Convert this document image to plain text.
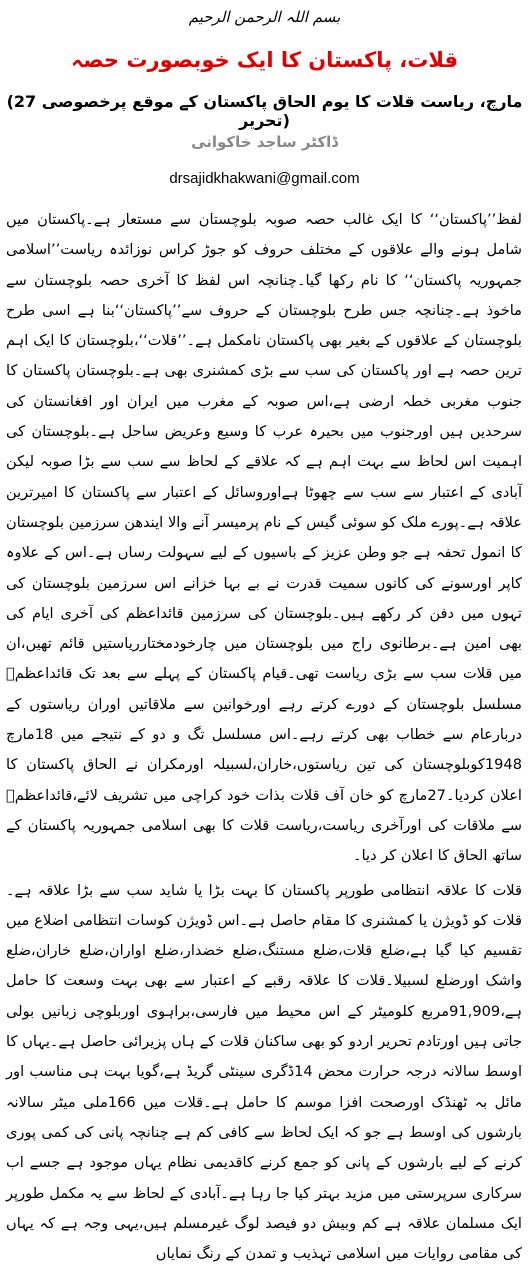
بسم اللہ الرحمن الرحیم
قلات، پاکستان کا ایک خوبصورت حصہ
(27 مارچ، ریاست قلات کا یوم الحاق پاکستان کے موقع پرخصوصی تحریر)
ڈاکٹر ساجد خاکوانی
drsajidkhakwani@gmail.com

لفظ’’پاکستان‘‘ کا ایک غالب حصہ صوبہ بلوچستان سے مستعار ہے۔پاکستان میں شامل ہونے والے علاقوں کے مختلف حروف کو جوڑ کراس نوزائدہ ریاست’’اسلامی جمہوریہ پاکستان‘‘ کا نام رکھا گیا۔چنانچہ اس لفظ کا آخری حصہ بلوچستان سے ماخوذ ہے۔چنانچہ جس طرح بلوچستان کے حروف سے’’پاکستان‘‘بنا ہے اسی طرح بلوچستان کے علاقوں کے بغیر بھی پاکستان نامکمل ہے۔’’قلات‘‘،بلوچستان کا ایک اہم ترین حصہ ہے اور پاکستان کی سب سے بڑی کمشنری بھی ہے۔بلوچستان پاکستان کا جنوب مغربی خطہ ارضی ہے،اس صوبہ کے مغرب میں ایران اور افغانستان کی سرحدیں ہیں اورجنوب میں بحیرہ عرب کا وسیع وعریض ساحل ہے۔بلوچستان کی اہمیت اس لحاظ سے بہت اہم ہے کہ علاقے کے لحاظ سے سب سے بڑا صوبہ لیکن آبادی کے اعتبار سے سب سے چھوٹا ہےاوروسائل کے اعتبار سے پاکستان کا امیرترین علاقہ ہے۔پورے ملک کو سوئی گیس کے نام پرمیسر آنے والا ایندھن سرزمین بلوچستان کا انمول تحفہ ہے جو وطن عزیز کے باسیوں کے لیے سہولت رساں ہے۔اس کے علاوہ کاپر اورسونے کی کانوں سمیت قدرت نے بے بہا خزانے اس سرزمین بلوچستان کی تہوں میں دفن کر رکھے ہیں۔بلوچستان کی سرزمین قائداعظم کی آخری ایام کی بھی امین ہے۔برطانوی راج میں بلوچستان میں چارخودمختارریاستیں قائم تھیں،ان میں قلات سب سے بڑی ریاست تھی۔قیام پاکستان کے پہلے سے بعد تک قائداعظمؒ مسلسل بلوچستان کے دورے کرتے رہے اورخوانین سے ملاقاتیں اوران ریاستوں کے دربارعام سے خطاب بھی کرتے رہے۔اس مسلسل تگ و دو کے نتیجے میں 18مارچ 1948کوبلوچستان کی تین ریاستوں،خاران،لسبیلہ اورمکران نے الحاق پاکستان کا اعلان کردیا۔27مارچ کو خان آف قلات بذات خود کراچی میں تشریف لائے،قائداعظمؒ سے ملاقات کی اورآخری ریاست،ریاست قلات کا بھی اسلامی جمہوریہ پاکستان کے ساتھ الحاق کا اعلان کر دیا۔

قلات کا علاقہ انتظامی طورپر پاکستان کا بہت بڑا یا شاید سب سے بڑا علاقہ ہے۔قلات کو ڈویژن یا کمشنری کا مقام حاصل ہے۔اس ڈویژن کوسات انتظامی اضلاع میں تقسیم کیا گیا ہے،ضلع قلات،ضلع مستنگ،ضلع خضدار،ضلع اواران،ضلع خاران،ضلع واشک اورضلع لسبیلا۔قلات کا علاقہ رقبے کے اعتبار سے بھی بہت وسعت کا حامل ہے،91,909مربع کلومیٹر کے اس محیط میں فارسی،براہوی اوربلوچی زبانیں بولی جاتی ہیں اورتادم تحریر اردو کو بھی ساکنان قلات کے ہاں پزیرائی حاصل ہے۔یہاں کا اوسط سالانہ درجہ حرارت محض 14ڈگری سینٹی گریڈ ہے،گویا بہت ہی مناسب اور مائل بہ ٹھنڈک اورصحت افزا موسم کا حامل ہے۔قلات میں 166ملی میٹر سالانہ بارشوں کی اوسط ہے جو کہ ایک لحاظ سے کافی کم ہے چنانچہ پانی کی کمی پوری کرنے کے لیے بارشوں کے پانی کو جمع کرنے کاقدیمی نظام یہاں موجود ہے جسے اب سرکاری سرپرستی میں مزید بہتر کیا جا رہا ہے۔آبادی کے لحاظ سے یہ مکمل طورپر ایک مسلمان علاقہ ہے کم وبیش دو فیصد لوگ غیرمسلم ہیں،یہی وجہ ہے کہ یہاں کی مقامی روایات میں اسلامی تہذیب و تمدن کے رنگ نمایاں
